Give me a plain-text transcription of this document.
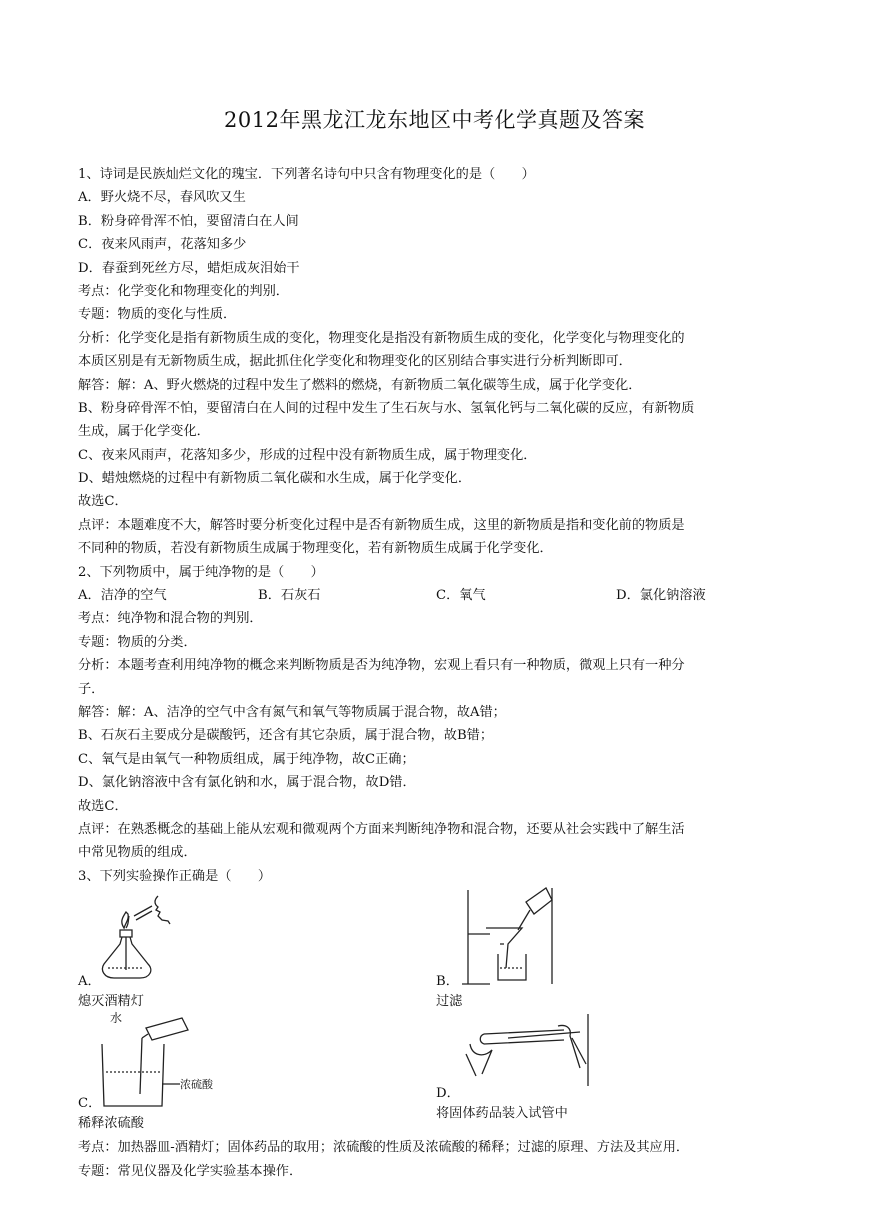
2012年黑龙江龙东地区中考化学真题及答案
1、诗词是民族灿烂文化的瑰宝．下列著名诗句中只含有物理变化的是（　　）
A．野火烧不尽，春风吹又生
B．粉身碎骨浑不怕，要留清白在人间
C．夜来风雨声，花落知多少
D．春蚕到死丝方尽，蜡炬成灰泪始干
考点：化学变化和物理变化的判别．
专题：物质的变化与性质．
分析：化学变化是指有新物质生成的变化，物理变化是指没有新物质生成的变化，化学变化与物理变化的
本质区别是有无新物质生成，据此抓住化学变化和物理变化的区别结合事实进行分析判断即可．
解答：解：A、野火燃烧的过程中发生了燃料的燃烧，有新物质二氧化碳等生成，属于化学变化．
B、粉身碎骨浑不怕，要留清白在人间的过程中发生了生石灰与水、氢氧化钙与二氧化碳的反应，有新物质
生成，属于化学变化．
C、夜来风雨声，花落知多少，形成的过程中没有新物质生成，属于物理变化．
D、蜡烛燃烧的过程中有新物质二氧化碳和水生成，属于化学变化．
故选C．
点评：本题难度不大，解答时要分析变化过程中是否有新物质生成，这里的新物质是指和变化前的物质是
不同种的物质，若没有新物质生成属于物理变化，若有新物质生成属于化学变化．
2、下列物质中，属于纯净物的是（　　）
A．洁净的空气	B．石灰石	C．氧气	D．氯化钠溶液
考点：纯净物和混合物的判别．
专题：物质的分类．
分析：本题考查利用纯净物的概念来判断物质是否为纯净物，宏观上看只有一种物质，微观上只有一种分
子．
解答：解：A、洁净的空气中含有氮气和氧气等物质属于混合物，故A错；
B、石灰石主要成分是碳酸钙，还含有其它杂质，属于混合物，故B错；
C、氧气是由氧气一种物质组成，属于纯净物，故C正确；
D、氯化钠溶液中含有氯化钠和水，属于混合物，故D错．
故选C．
点评：在熟悉概念的基础上能从宏观和微观两个方面来判断纯净物和混合物，还要从社会实践中了解生活
中常见物质的组成．
3、下列实验操作正确是（　　）
A．
熄灭酒精灯
B．
过滤
水
浓硫酸
C．
稀释浓硫酸
D．
将固体药品装入试管中
考点：加热器皿-酒精灯；固体药品的取用；浓硫酸的性质及浓硫酸的稀释；过滤的原理、方法及其应用．
专题：常见仪器及化学实验基本操作．
